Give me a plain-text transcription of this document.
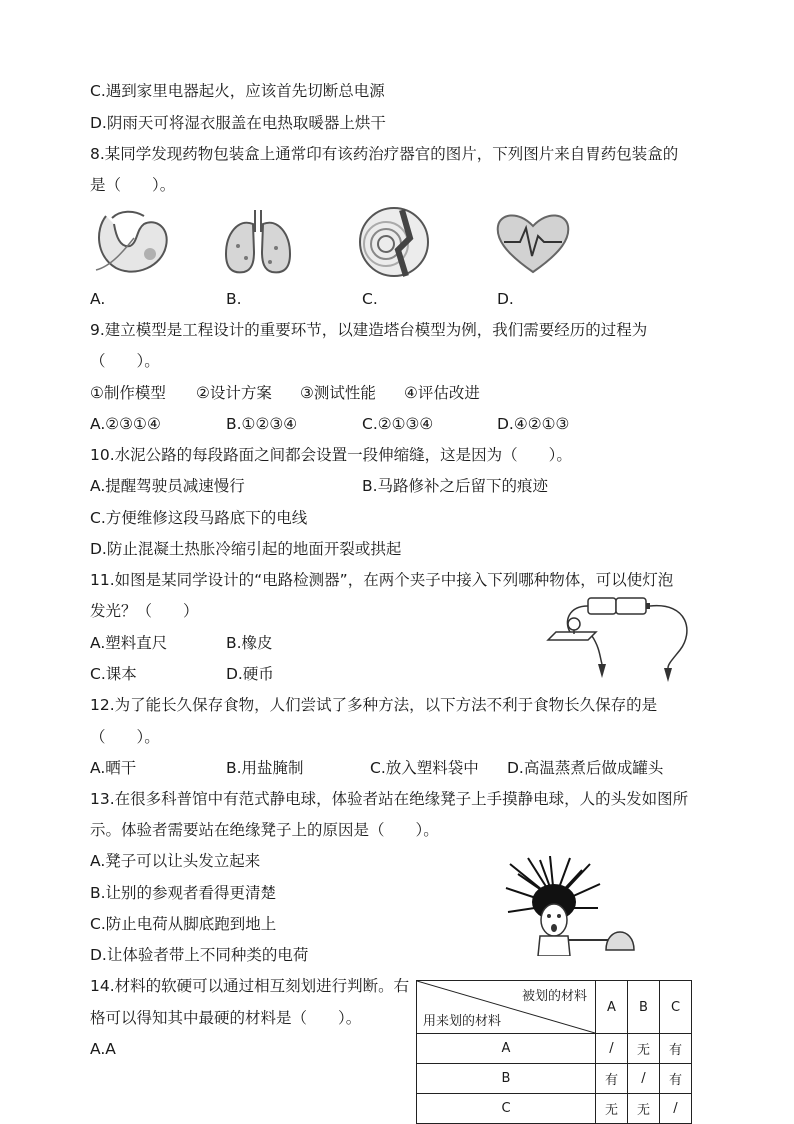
C.遇到家里电器起火，应该首先切断总电源
D.阴雨天可将湿衣服盖在电热取暖器上烘干
8.某同学发现药物包装盒上通常印有该药治疗器官的图片，下列图片来自胃药包装盒的
是（　　）。
A.	B.	C.	D.
9.建立模型是工程设计的重要环节，以建造塔台模型为例，我们需要经历的过程为
（　　）。
①制作模型 ②设计方案 ③测试性能 ④评估改进
A.②③①④	B.①②③④	C.②①③④	D.④②①③
10.水泥公路的每段路面之间都会设置一段伸缩缝，这是因为（　　）。
A.提醒驾驶员减速慢行	B.马路修补之后留下的痕迹
C.方便维修这段马路底下的电线
D.防止混凝土热胀冷缩引起的地面开裂或拱起
11.如图是某同学设计的“电路检测器”，在两个夹子中接入下列哪种物体，可以使灯泡
发光？（　　）
A.塑料直尺	B.橡皮
C.课本	D.硬币
12.为了能长久保存食物，人们尝试了多种方法，以下方法不利于食物长久保存的是
（　　）。
A.晒干	B.用盐腌制	C.放入塑料袋中 D.高温蒸煮后做成罐头
13.在很多科普馆中有范式静电球，体验者站在绝缘凳子上手摸静电球，人的头发如图所
示。体验者需要站在绝缘凳子上的原因是（　　）。
A.凳子可以让头发立起来
B.让别的参观者看得更清楚
C.防止电荷从脚底跑到地上
D.让体验者带上不同种类的电荷
14.材料的软硬可以通过相互刻划进行判断。右
格可以得知其中最硬的材料是（　　）。
A.A
被划的材料
用来划的材料	A	B	C
A	/	无	有
B	有	/	有
C	无	无	/
